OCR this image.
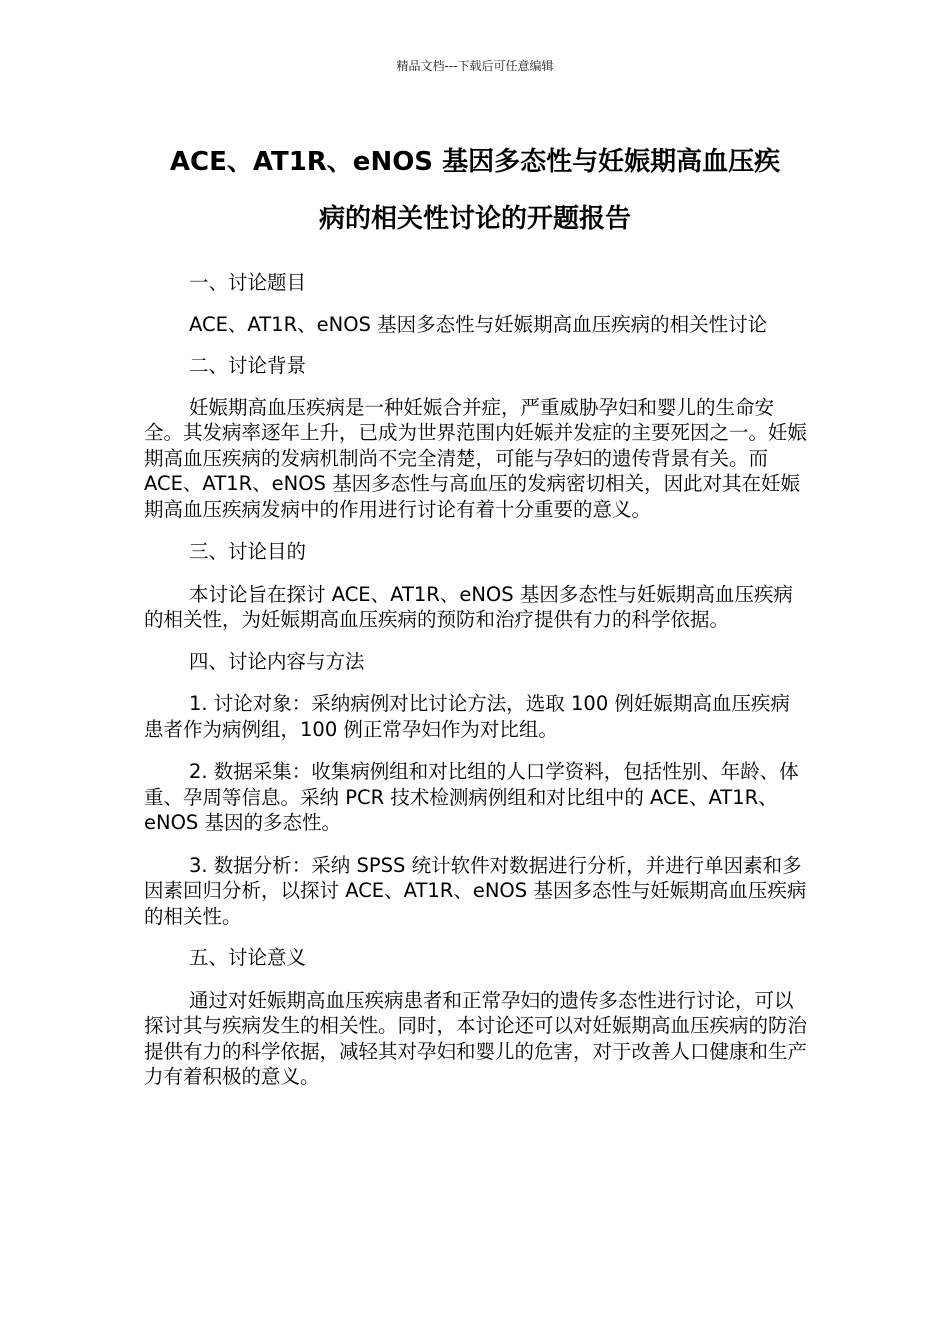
精品文档---下载后可任意编辑
ACE、AT1R、eNOS 基因多态性与妊娠期高血压疾
病的相关性讨论的开题报告

一、讨论题目

ACE、AT1R、eNOS 基因多态性与妊娠期高血压疾病的相关性讨论

二、讨论背景

妊娠期高血压疾病是一种妊娠合并症，严重威胁孕妇和婴儿的生命安全。其发病率逐年上升，已成为世界范围内妊娠并发症的主要死因之一。妊娠期高血压疾病的发病机制尚不完全清楚，可能与孕妇的遗传背景有关。而 ACE、AT1R、eNOS 基因多态性与高血压的发病密切相关，因此对其在妊娠期高血压疾病发病中的作用进行讨论有着十分重要的意义。

三、讨论目的

本讨论旨在探讨 ACE、AT1R、eNOS 基因多态性与妊娠期高血压疾病的相关性，为妊娠期高血压疾病的预防和治疗提供有力的科学依据。

四、讨论内容与方法

1. 讨论对象：采纳病例对比讨论方法，选取 100 例妊娠期高血压疾病患者作为病例组，100 例正常孕妇作为对比组。

2. 数据采集：收集病例组和对比组的人口学资料，包括性别、年龄、体重、孕周等信息。采纳 PCR 技术检测病例组和对比组中的 ACE、AT1R、eNOS 基因的多态性。

3. 数据分析：采纳 SPSS 统计软件对数据进行分析，并进行单因素和多因素回归分析，以探讨 ACE、AT1R、eNOS 基因多态性与妊娠期高血压疾病的相关性。

五、讨论意义

通过对妊娠期高血压疾病患者和正常孕妇的遗传多态性进行讨论，可以探讨其与疾病发生的相关性。同时，本讨论还可以对妊娠期高血压疾病的防治提供有力的科学依据，减轻其对孕妇和婴儿的危害，对于改善人口健康和生产力有着积极的意义。
